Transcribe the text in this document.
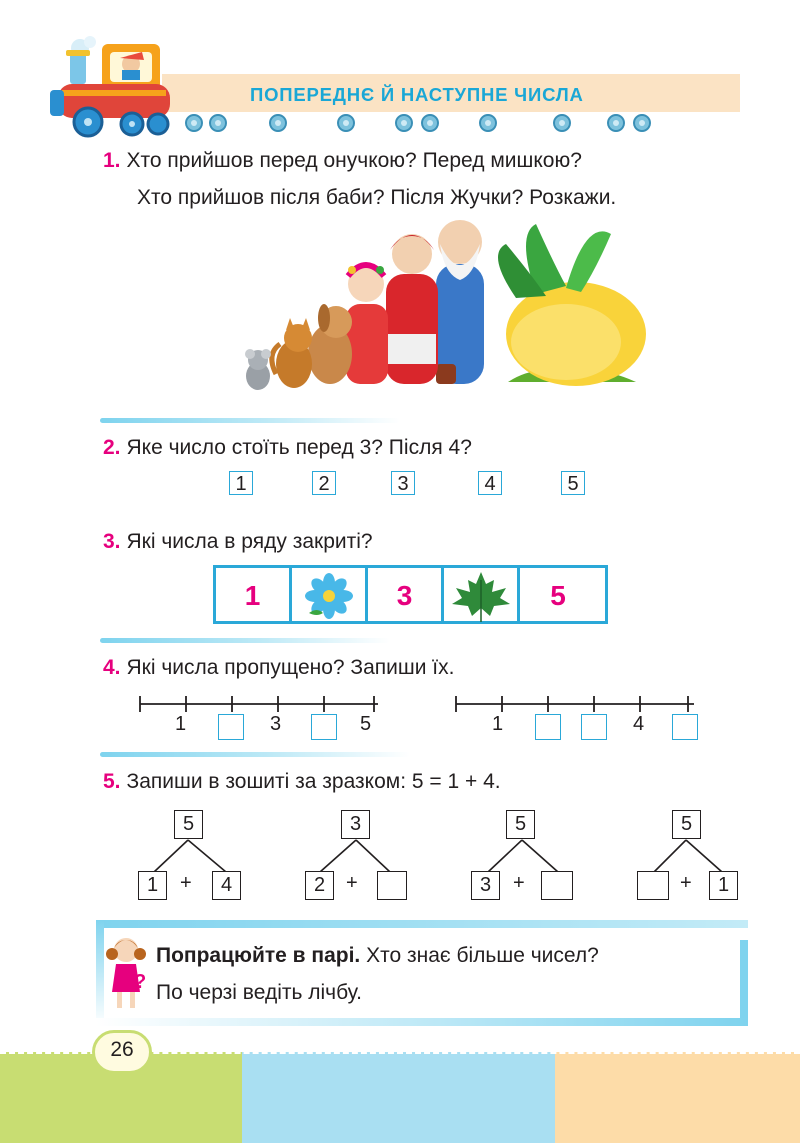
ПОПЕРЕДНЄ Й НАСТУПНЕ ЧИСЛА
1. Хто прийшов перед онучкою? Перед мишкою?
Хто прийшов після баби? Після Жучки? Розкажи.
2. Яке число стоїть перед 3? Після 4?
1	2	3	4	5
3. Які числа в ряду закриті?
1	3	5
4. Які числа пропущено? Запиши їх.
1	3	5	1	4
5. Запиши в зошиті за зразком: 5 = 1 + 4.
5
1	+	4
3
2	+
5
3	+
5
+	1
?
Попрацюйте в парі. Хто знає більше чисел?
По черзі ведіть лічбу.
26
